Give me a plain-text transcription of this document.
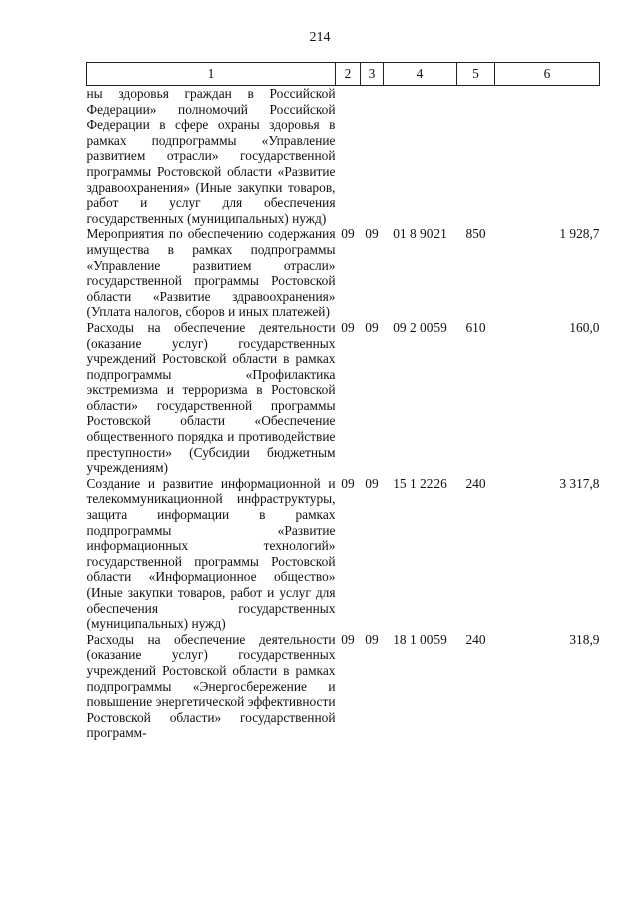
214
1	2	3	4	5	6
ны здоровья граждан в Российской Федерации» полномочий Российской Федерации в сфере охраны здоровья в рамках подпрограммы «Управление развитием отрасли» государственной программы Ростовской области «Развитие здравоохранения» (Иные закупки товаров, работ и услуг для обеспечения государственных (муниципальных) нужд)					
Мероприятия по обеспечению содержания имущества в рамках подпрограммы «Управление развитием отрасли» государственной программы Ростовской области «Развитие здравоохранения» (Уплата налогов, сборов и иных платежей)	09	09	01 8 9021	850	1 928,7
Расходы на обеспечение деятельности (оказание услуг) государственных учреждений Ростовской области в рамках подпрограммы «Профилактика экстремизма и терроризма в Ростовской области» государственной программы Ростовской области «Обеспечение общественного порядка и противодействие преступности» (Субсидии бюджетным учреждениям)	09	09	09 2 0059	610	160,0
Создание и развитие информационной и телекоммуникационной инфраструктуры, защита информации в рамках подпрограммы «Развитие информационных технологий» государственной программы Ростовской области «Информационное общество» (Иные закупки товаров, работ и услуг для обеспечения государственных (муниципальных) нужд)	09	09	15 1 2226	240	3 317,8
Расходы на обеспечение деятельности (оказание услуг) государственных учреждений Ростовской области в рамках подпрограммы «Энергосбережение и повышение энергетической эффективности Ростовской области» государственной программ-	09	09	18 1 0059	240	318,9
